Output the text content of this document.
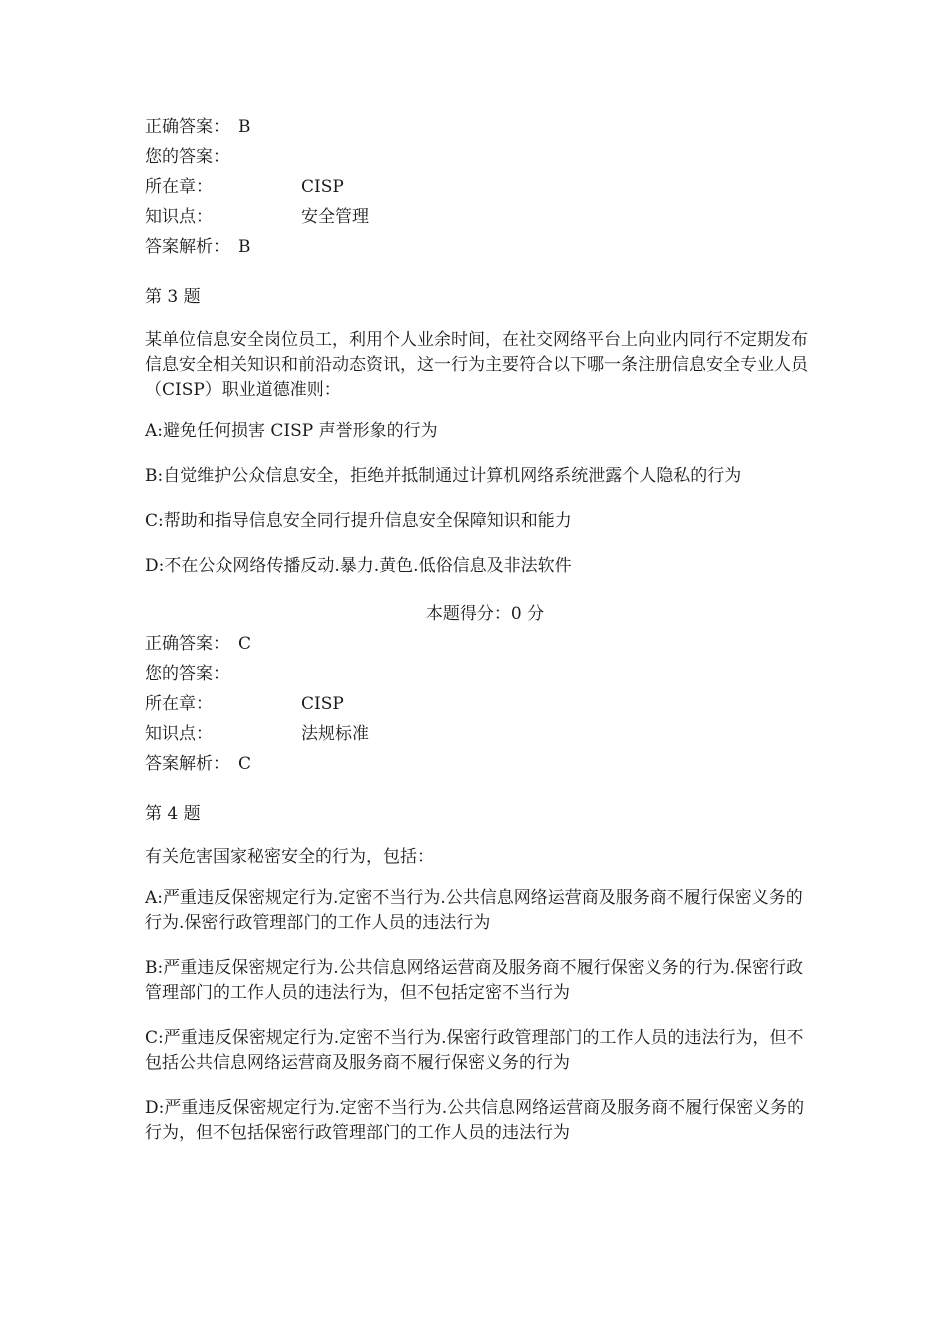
正确答案： B
您的答案：
所在章：	CISP
知识点：	安全管理
答案解析： B
第 3 题

某单位信息安全岗位员工，利用个人业余时间，在社交网络平台上向业内同行不定期发布信息安全相关知识和前沿动态资讯，这一行为主要符合以下哪一条注册信息安全专业人员（CISP）职业道德准则：

A:避免任何损害 CISP 声誉形象的行为

B:自觉维护公众信息安全，拒绝并抵制通过计算机网络系统泄露个人隐私的行为

C:帮助和指导信息安全同行提升信息安全保障知识和能力

D:不在公众网络传播反动.暴力.黄色.低俗信息及非法软件

本题得分：0 分
正确答案： C
您的答案：
所在章：	CISP
知识点：	法规标准
答案解析： C
第 4 题

有关危害国家秘密安全的行为，包括：

A:严重违反保密规定行为.定密不当行为.公共信息网络运营商及服务商不履行保密义务的行为.保密行政管理部门的工作人员的违法行为

B:严重违反保密规定行为.公共信息网络运营商及服务商不履行保密义务的行为.保密行政管理部门的工作人员的违法行为，但不包括定密不当行为

C:严重违反保密规定行为.定密不当行为.保密行政管理部门的工作人员的违法行为，但不包括公共信息网络运营商及服务商不履行保密义务的行为

D:严重违反保密规定行为.定密不当行为.公共信息网络运营商及服务商不履行保密义务的行为，但不包括保密行政管理部门的工作人员的违法行为
